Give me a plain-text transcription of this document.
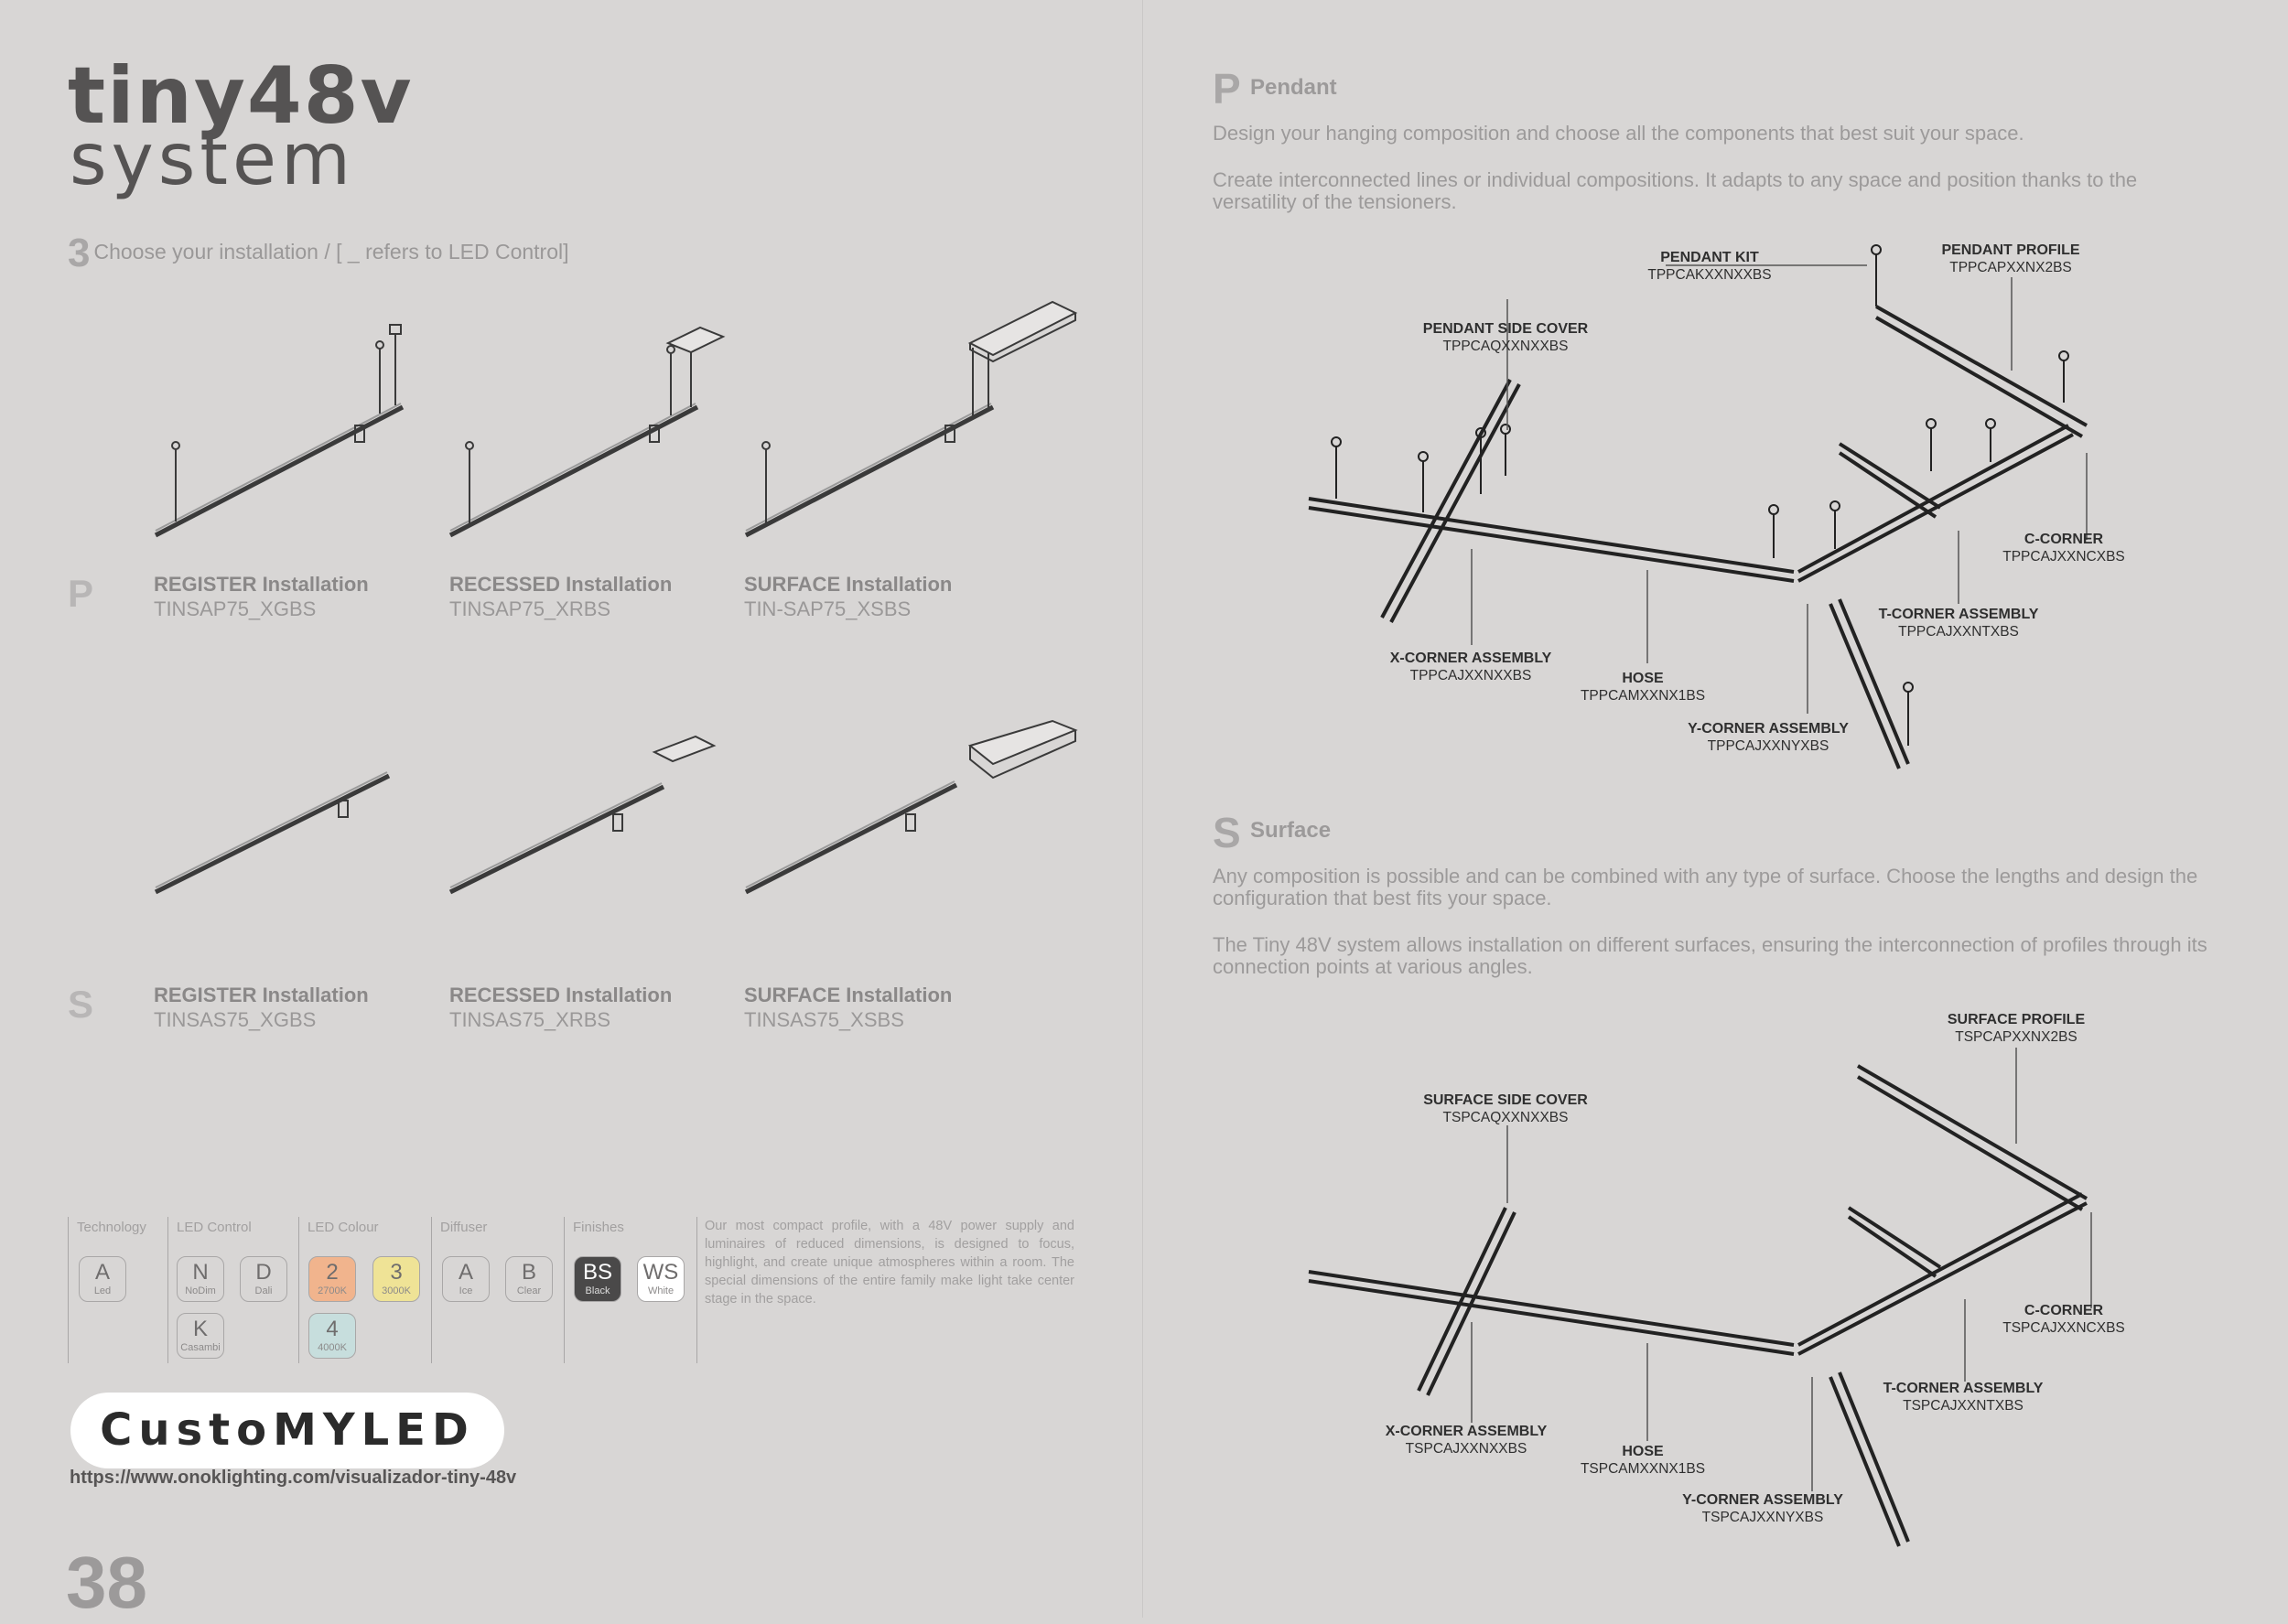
tiny48v
system
3 Choose your installation / [ _ refers to LED Control]
P	REGISTER Installation
TINSAP75_XGBS
RECESSED Installation
TINSAP75_XRBS
SURFACE Installation
TIN-SAP75_XSBS
S	REGISTER Installation
TINSAS75_XGBS
RECESSED Installation
TINSAS75_XRBS
SURFACE Installation
TINSAS75_XSBS
Technology
A
Led
LED Control
N
NoDim
D
Dali
K
Casambi
LED Colour
2
2700K
3
3000K
4
4000K
Diffuser
A
Ice
B
Clear
Finishes
BS
Black
WS
White
Our most compact profile, with a 48V power supply and luminaires of reduced dimensions, is designed to focus, highlight, and create unique atmospheres within a room. The special dimensions of the entire family make light take center stage in the space.
CustoMYLED
https://www.onoklighting.com/visualizador-tiny-48v
38
P Pendant
Design your hanging composition and choose all the components that best suit your space.
Create interconnected lines or individual compositions. It adapts to any space and position thanks to the versatility of the tensioners.
PENDANT KIT
TPPCAKXXNXXBS
PENDANT PROFILE
TPPCAPXXNX2BS
PENDANT SIDE COVER
TPPCAQXXNXXBS
C-CORNER
TPPCAJXXNCXBS
T-CORNER ASSEMBLY
TPPCAJXXNTXBS
X-CORNER ASSEMBLY
TPPCAJXXNXXBS	HOSE
TPPCAMXXNX1BS
Y-CORNER ASSEMBLY
TPPCAJXXNYXBS
S Surface
Any composition is possible and can be combined with any type of surface. Choose the lengths and design the configuration that best fits your space.
The Tiny 48V system allows installation on different surfaces, ensuring the interconnection of profiles through its connection points at various angles.
SURFACE PROFILE
TSPCAPXXNX2BS
SURFACE SIDE COVER
TSPCAQXXNXXBS
C-CORNER
TSPCAJXXNCXBS
T-CORNER ASSEMBLY
TSPCAJXXNTXBS
X-CORNER ASSEMBLY
TSPCAJXXNXXBS	HOSE
TSPCAMXXNX1BS
Y-CORNER ASSEMBLY
TSPCAJXXNYXBS
